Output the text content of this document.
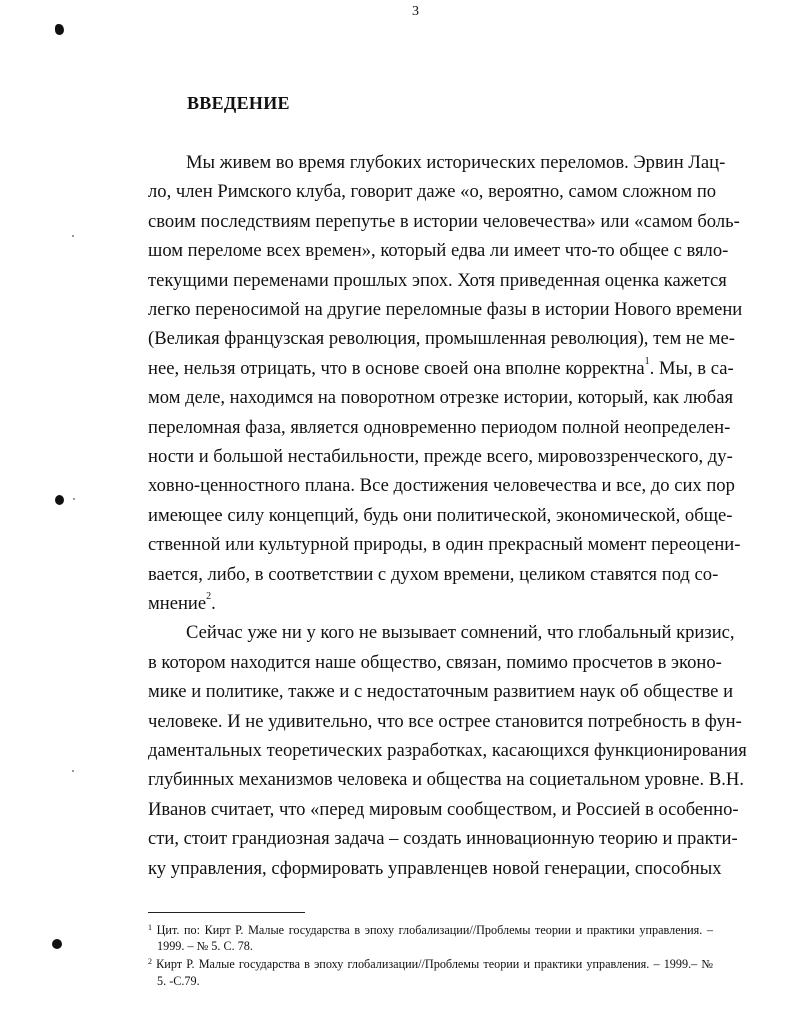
3
ВВЕДЕНИЕ
Мы живем во время глубоких исторических переломов. Эрвин Лац-
ло, член Римского клуба, говорит даже «о, вероятно, самом сложном по
своим последствиям перепутье в истории человечества» или «самом боль-
шом переломе всех времен», который едва ли имеет что-то общее с вяло-
текущими переменами прошлых эпох. Хотя приведенная оценка кажется
легко переносимой на другие переломные фазы в истории Нового времени
(Великая французская революция, промышленная революция), тем не ме-
нее, нельзя отрицать, что в основе своей она вполне корректна$^1$. Мы, в са-
мом деле, находимся на поворотном отрезке истории, который, как любая
переломная фаза, является одновременно периодом полной неопределен-
ности и большой нестабильности, прежде всего, мировоззренческого, ду-
ховно-ценностного плана. Все достижения человечества и все, до сих пор
имеющее силу концепций, будь они политической, экономической, обще-
ственной или культурной природы, в один прекрасный момент переоцени-
вается, либо, в соответствии с духом времени, целиком ставятся под со-
мнение$^2$.
Сейчас уже ни у кого не вызывает сомнений, что глобальный кризис,
в котором находится наше общество, связан, помимо просчетов в эконо-
мике и политике, также и с недостаточным развитием наук об обществе и
человеке. И не удивительно, что все острее становится потребность в фун-
даментальных теоретических разработках, касающихся функционирования
глубинных механизмов человека и общества на социетальном уровне. В.Н.
Иванов считает, что «перед мировым сообществом, и Россией в особенно-
сти, стоит грандиозная задача – создать инновационную теорию и практи-
ку управления, сформировать управленцев новой генерации, способных
$^1$ Цит. по: Кирт Р. Малые государства в эпоху глобализации//Проблемы теории и практики управления. –
1999. – № 5. С. 78.
$^2$ Кирт Р. Малые государства в эпоху глобализации//Проблемы теории и практики управления. – 1999.– №
5. -С.79.
